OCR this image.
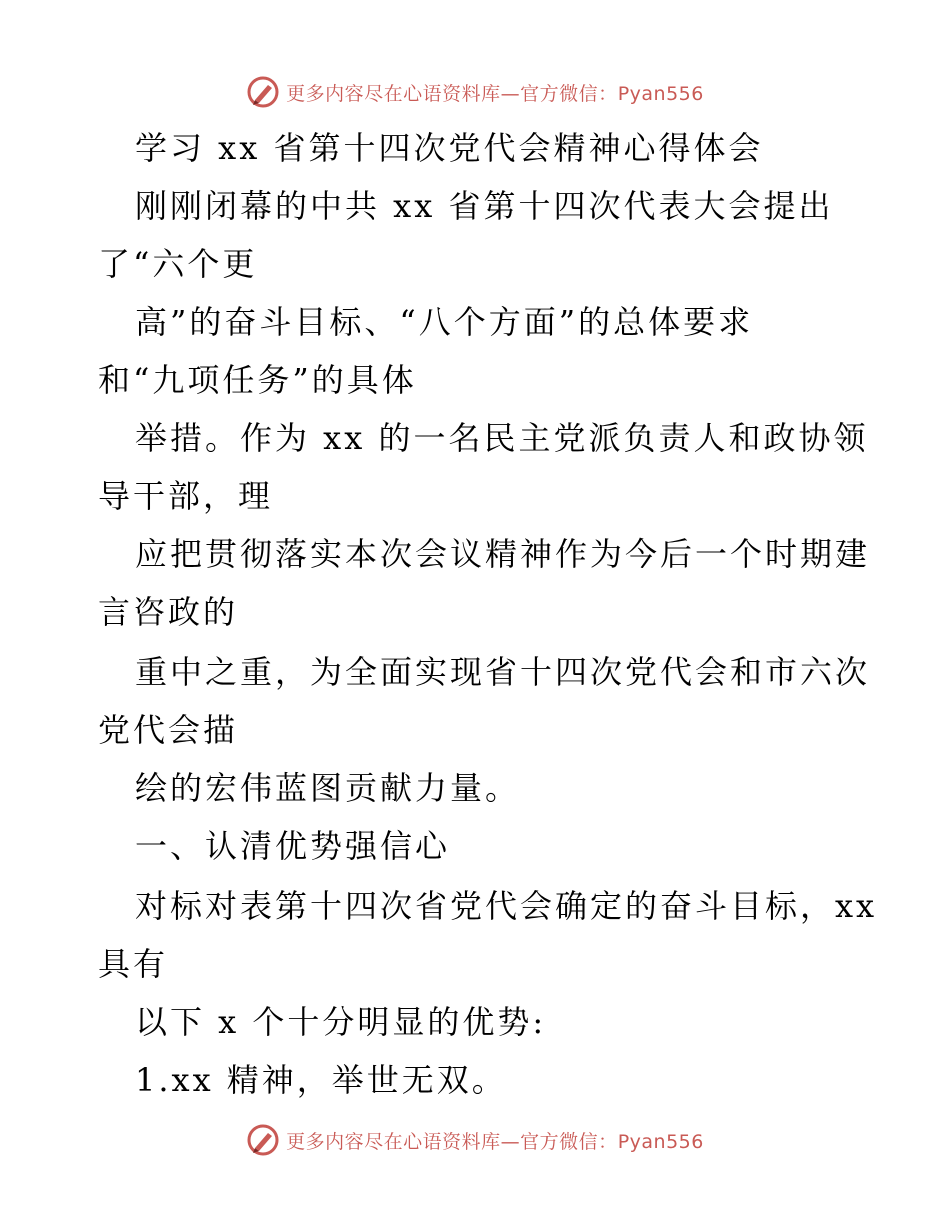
更多内容尽在心语资料库—官方微信：Pyan556
学习 xx 省第十四次党代会精神心得体会
刚刚闭幕的中共 xx 省第十四次代表大会提出
了“六个更
高”的奋斗目标、“八个方面”的总体要求
和“九项任务”的具体
举措。作为 xx 的一名民主党派负责人和政协领
导干部，理
应把贯彻落实本次会议精神作为今后一个时期建
言咨政的
重中之重，为全面实现省十四次党代会和市六次
党代会描
绘的宏伟蓝图贡献力量。
一、认清优势强信心
对标对表第十四次省党代会确定的奋斗目标，xx
具有
以下 x 个十分明显的优势:
1.xx 精神，举世无双。
更多内容尽在心语资料库—官方微信：Pyan556
